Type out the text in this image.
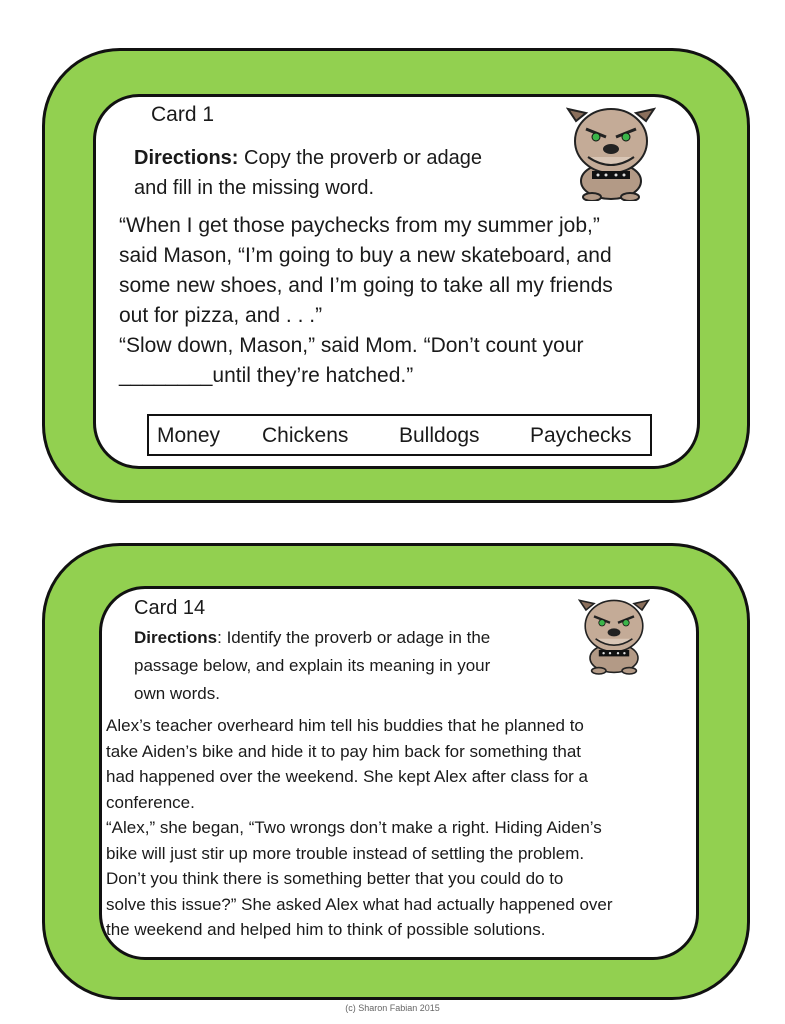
Card 1
Directions: Copy the proverb or adage
and fill in the missing word.
“When I get those paychecks from my summer job,”
said Mason, “I’m going to buy a new skateboard, and
some new shoes, and I’m going to take all my friends
out for pizza, and . . .”
“Slow down, Mason,” said Mom. “Don’t count your
________until they’re hatched.”
Money Chickens Bulldogs Paychecks
Card 14
Directions: Identify the proverb or adage in the
passage below, and explain its meaning in your
own words.
Alex’s teacher overheard him tell his buddies that he planned to
take Aiden’s bike and hide it to pay him back for something that
had happened over the weekend. She kept Alex after class for a
conference.
“Alex,” she began, “Two wrongs don’t make a right. Hiding Aiden’s
bike will just stir up more trouble instead of settling the problem.
Don’t you think there is something better that you could do to
solve this issue?” She asked Alex what had actually happened over
the weekend and helped him to think of possible solutions.
(c) Sharon Fabian 2015
